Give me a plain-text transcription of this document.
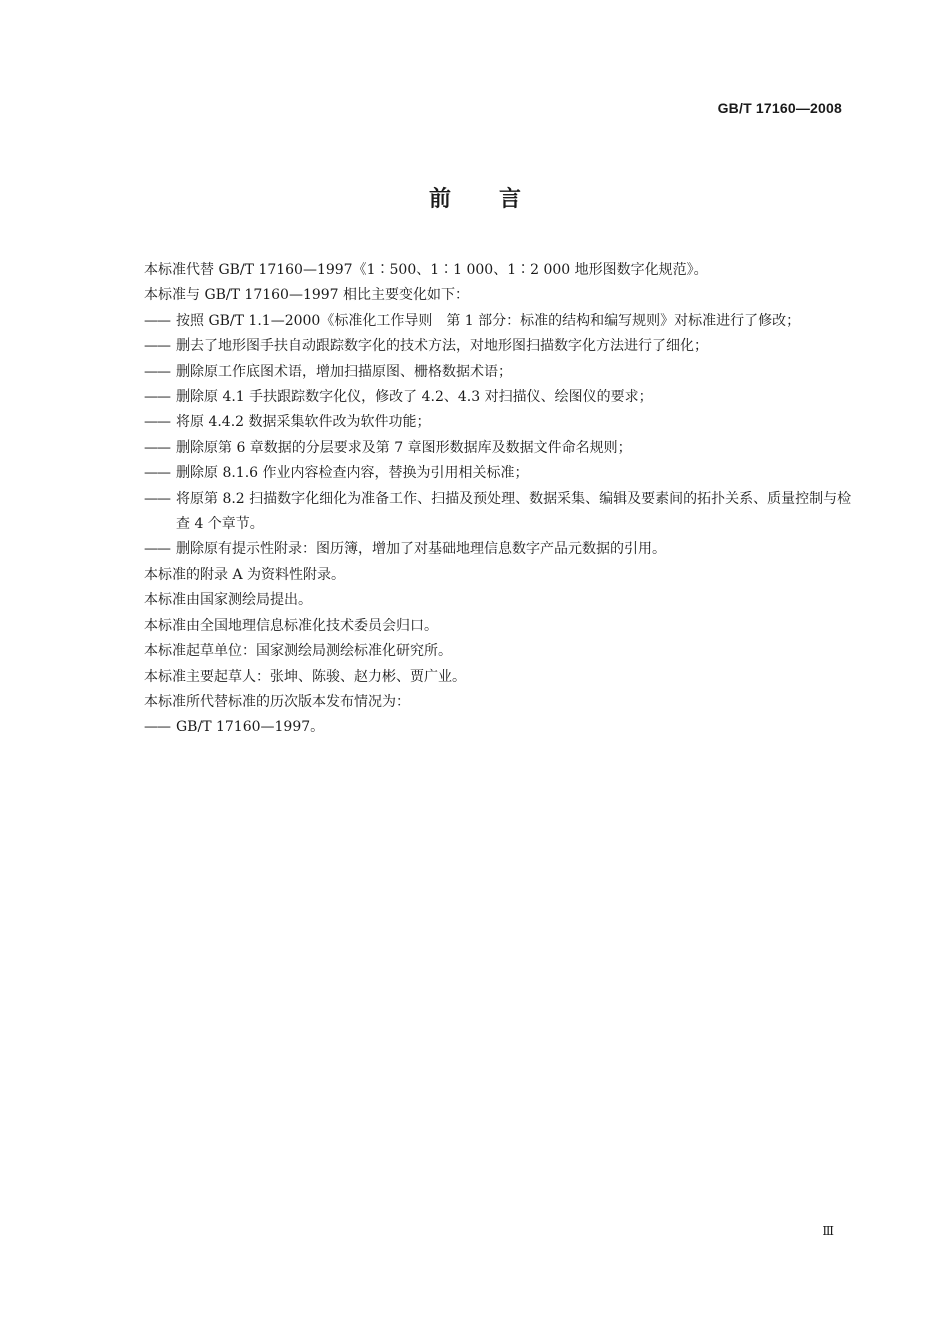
GB/T 17160—2008
前言
本标准代替 GB/T 17160—1997《1∶500、1∶1 000、1∶2 000 地形图数字化规范》。
本标准与 GB/T 17160—1997 相比主要变化如下：
—— 按照 GB/T 1.1—2000《标准化工作导则　第 1 部分：标准的结构和编写规则》对标准进行了修改；
—— 删去了地形图手扶自动跟踪数字化的技术方法，对地形图扫描数字化方法进行了细化；
—— 删除原工作底图术语，增加扫描原图、栅格数据术语；
—— 删除原 4.1 手扶跟踪数字化仪，修改了 4.2、4.3 对扫描仪、绘图仪的要求；
—— 将原 4.4.2 数据采集软件改为软件功能；
—— 删除原第 6 章数据的分层要求及第 7 章图形数据库及数据文件命名规则；
—— 删除原 8.1.6 作业内容检查内容，替换为引用相关标准；
—— 将原第 8.2 扫描数字化细化为准备工作、扫描及预处理、数据采集、编辑及要素间的拓扑关系、质量控制与检查 4 个章节。
—— 删除原有提示性附录：图历簿，增加了对基础地理信息数字产品元数据的引用。
本标准的附录 A 为资料性附录。
本标准由国家测绘局提出。
本标准由全国地理信息标准化技术委员会归口。
本标准起草单位：国家测绘局测绘标准化研究所。
本标准主要起草人：张坤、陈骏、赵力彬、贾广业。
本标准所代替标准的历次版本发布情况为：
—— GB/T 17160—1997。
Ⅲ
